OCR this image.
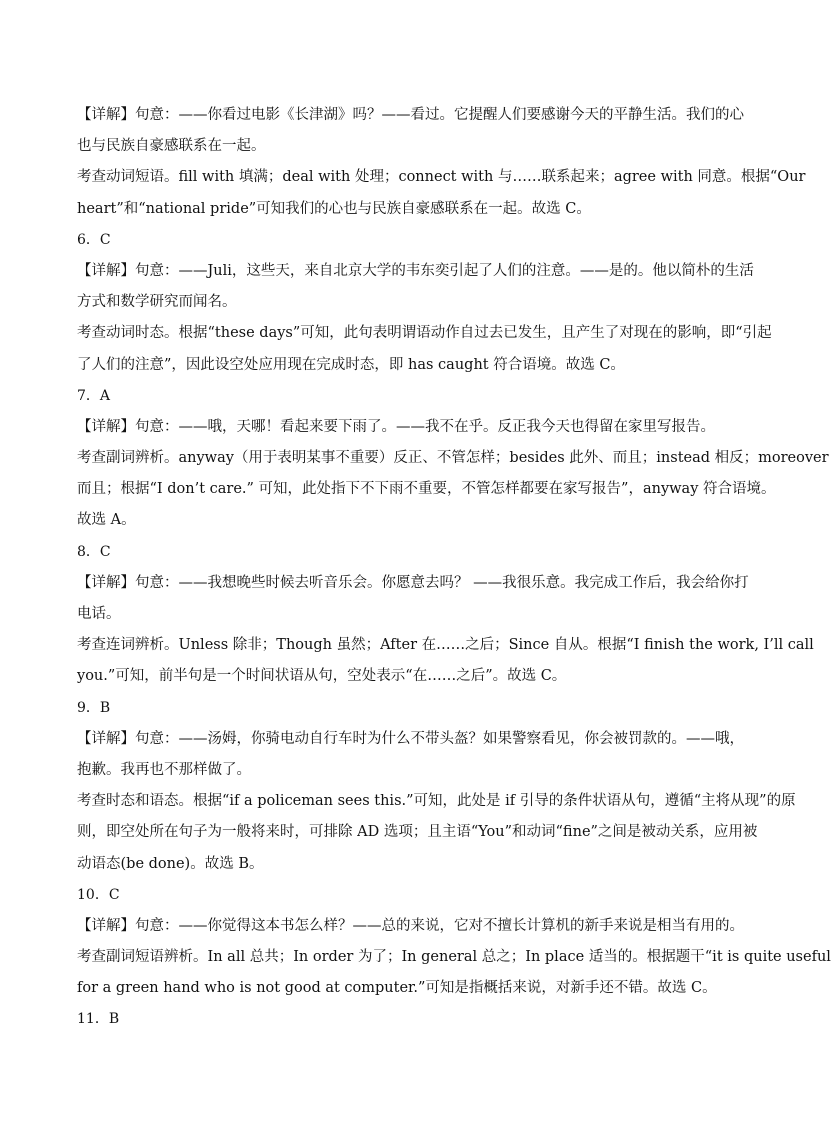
【详解】句意：——你看过电影《长津湖》吗？——看过。它提醒人们要感谢今天的平静生活。我们的心
也与民族自豪感联系在一起。
考查动词短语。fill with 填满；deal with 处理；connect with 与……联系起来；agree with 同意。根据“Our
heart”和“national pride”可知我们的心也与民族自豪感联系在一起。故选 C。
6．C
【详解】句意：——Juli，这些天，来自北京大学的韦东奕引起了人们的注意。——是的。他以简朴的生活
方式和数学研究而闻名。
考查动词时态。根据“these days”可知，此句表明谓语动作自过去已发生，且产生了对现在的影响，即“引起
了人们的注意”，因此设空处应用现在完成时态，即 has caught 符合语境。故选 C。
7．A
【详解】句意：——哦，天哪！看起来要下雨了。——我不在乎。反正我今天也得留在家里写报告。
考查副词辨析。anyway（用于表明某事不重要）反正、不管怎样；besides 此外、而且；instead 相反；moreover
而且；根据“I don’t care.” 可知，此处指下不下雨不重要，不管怎样都要在家写报告”，anyway 符合语境。
故选 A。
8．C
【详解】句意：——我想晚些时候去听音乐会。你愿意去吗？ ——我很乐意。我完成工作后，我会给你打
电话。
考查连词辨析。Unless 除非；Though 虽然；After 在……之后；Since 自从。根据“I finish the work, I’ll call
you.”可知，前半句是一个时间状语从句，空处表示“在……之后”。故选 C。
9．B
【详解】句意：——汤姆，你骑电动自行车时为什么不带头盔？如果警察看见，你会被罚款的。——哦，
抱歉。我再也不那样做了。
考查时态和语态。根据“if a policeman sees this.”可知，此处是 if 引导的条件状语从句，遵循“主将从现”的原
则，即空处所在句子为一般将来时，可排除 AD 选项；且主语“You”和动词“fine”之间是被动关系，应用被
动语态(be done)。故选 B。
10．C
【详解】句意：——你觉得这本书怎么样？——总的来说，它对不擅长计算机的新手来说是相当有用的。
考查副词短语辨析。In all 总共；In order 为了；In general 总之；In place 适当的。根据题干“it is quite useful
for a green hand who is not good at computer.”可知是指概括来说，对新手还不错。故选 C。
11．B
